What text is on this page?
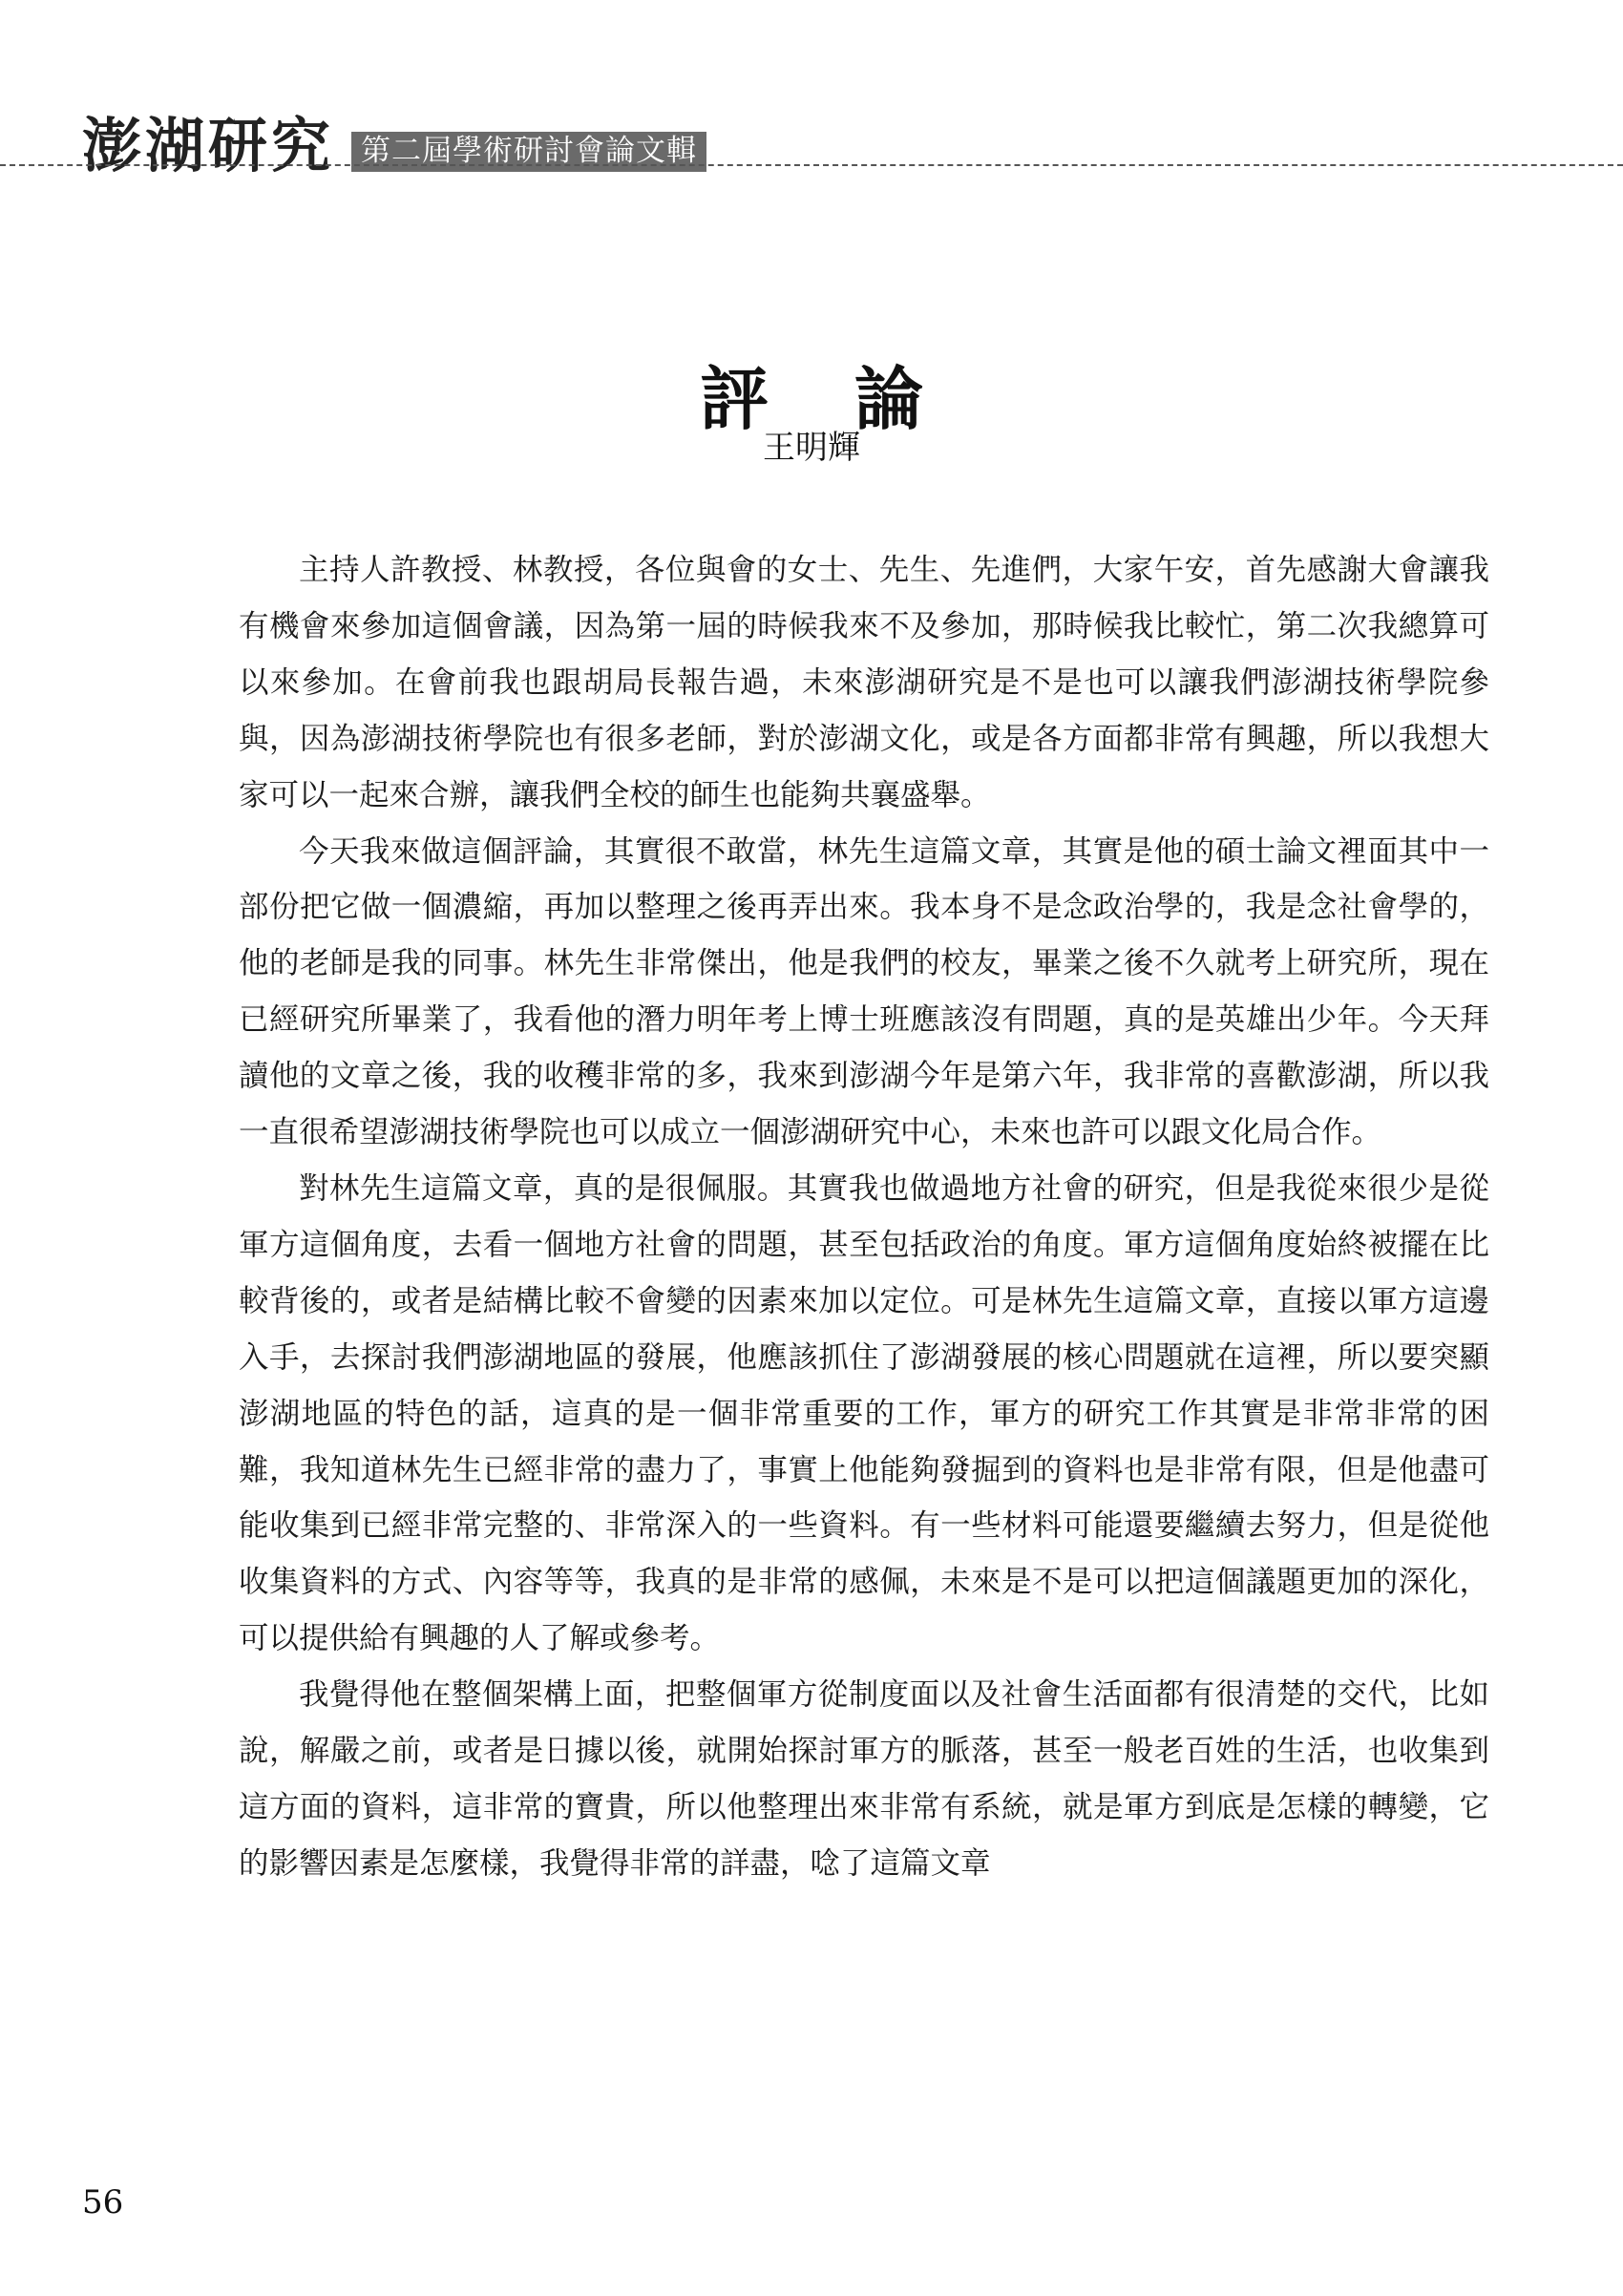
澎湖研究 第二屆學術研討會論文輯
評論
王明輝

主持人許教授、林教授，各位與會的女士、先生、先進們，大家午安，首先感謝大會讓我有機會來參加這個會議，因為第一屆的時候我來不及參加，那時候我比較忙，第二次我總算可以來參加。在會前我也跟胡局長報告過，未來澎湖研究是不是也可以讓我們澎湖技術學院參與，因為澎湖技術學院也有很多老師，對於澎湖文化，或是各方面都非常有興趣，所以我想大家可以一起來合辦，讓我們全校的師生也能夠共襄盛舉。

今天我來做這個評論，其實很不敢當，林先生這篇文章，其實是他的碩士論文裡面其中一部份把它做一個濃縮，再加以整理之後再弄出來。我本身不是念政治學的，我是念社會學的，他的老師是我的同事。林先生非常傑出，他是我們的校友，畢業之後不久就考上研究所，現在已經研究所畢業了，我看他的潛力明年考上博士班應該沒有問題，真的是英雄出少年。今天拜讀他的文章之後，我的收穫非常的多，我來到澎湖今年是第六年，我非常的喜歡澎湖，所以我一直很希望澎湖技術學院也可以成立一個澎湖研究中心，未來也許可以跟文化局合作。

對林先生這篇文章，真的是很佩服。其實我也做過地方社會的研究，但是我從來很少是從軍方這個角度，去看一個地方社會的問題，甚至包括政治的角度。軍方這個角度始終被擺在比較背後的，或者是結構比較不會變的因素來加以定位。可是林先生這篇文章，直接以軍方這邊入手，去探討我們澎湖地區的發展，他應該抓住了澎湖發展的核心問題就在這裡，所以要突顯澎湖地區的特色的話，這真的是一個非常重要的工作，軍方的研究工作其實是非常非常的困難，我知道林先生已經非常的盡力了，事實上他能夠發掘到的資料也是非常有限，但是他盡可能收集到已經非常完整的、非常深入的一些資料。有一些材料可能還要繼續去努力，但是從他收集資料的方式、內容等等，我真的是非常的感佩，未來是不是可以把這個議題更加的深化，可以提供給有興趣的人了解或參考。

我覺得他在整個架構上面，把整個軍方從制度面以及社會生活面都有很清楚的交代，比如說，解嚴之前，或者是日據以後，就開始探討軍方的脈落，甚至一般老百姓的生活，也收集到這方面的資料，這非常的寶貴，所以他整理出來非常有系統，就是軍方到底是怎樣的轉變，它的影響因素是怎麼樣，我覺得非常的詳盡，唸了這篇文章

56
